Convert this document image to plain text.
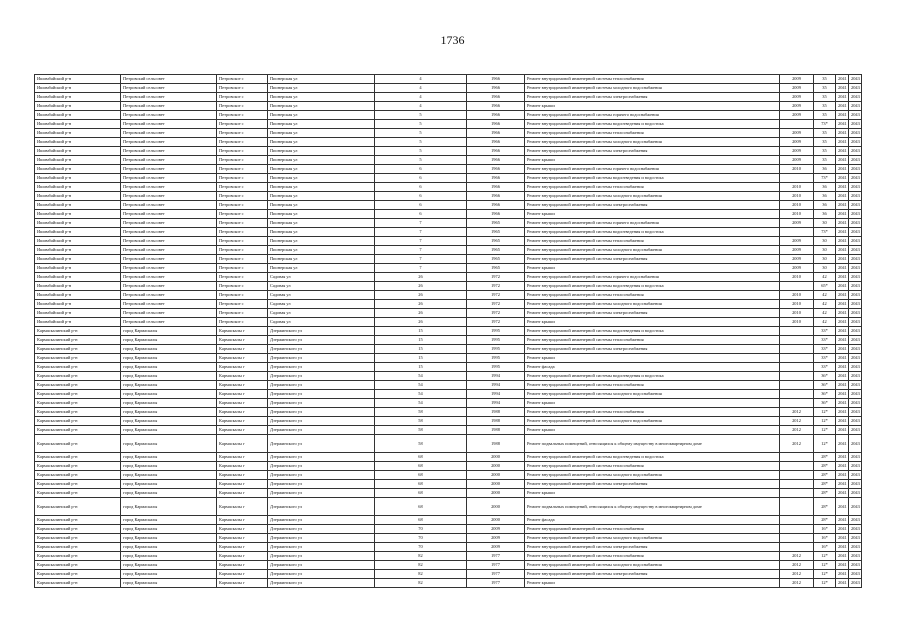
1736
Ишимбайский р-н	Петровский сельсовет	Петровское с	Пионерская ул	4	1966	Ремонт внутридомовой инженерной системы теплоснабжения	2009	35	2041	2043
Ишимбайский р-н	Петровский сельсовет	Петровское с	Пионерская ул	4	1966	Ремонт внутридомовой инженерной системы холодного водоснабжения	2009	35	2041	2043
Ишимбайский р-н	Петровский сельсовет	Петровское с	Пионерская ул	4	1966	Ремонт внутридомовой инженерной системы электроснабжения	2009	35	2041	2043
Ишимбайский р-н	Петровский сельсовет	Петровское с	Пионерская ул	4	1966	Ремонт крыши	2009	35	2041	2043
Ишимбайский р-н	Петровский сельсовет	Петровское с	Пионерская ул	5	1966	Ремонт внутридомовой инженерной системы горячего водоснабжения	2009	35	2041	2043
Ишимбайский р-н	Петровский сельсовет	Петровское с	Пионерская ул	5	1966	Ремонт внутридомовой инженерной системы водоотведения и водостока		73*	2041	2043
Ишимбайский р-н	Петровский сельсовет	Петровское с	Пионерская ул	5	1966	Ремонт внутридомовой инженерной системы теплоснабжения	2009	35	2041	2043
Ишимбайский р-н	Петровский сельсовет	Петровское с	Пионерская ул	5	1966	Ремонт внутридомовой инженерной системы холодного водоснабжения	2009	35	2041	2043
Ишимбайский р-н	Петровский сельсовет	Петровское с	Пионерская ул	5	1966	Ремонт внутридомовой инженерной системы электроснабжения	2009	35	2041	2043
Ишимбайский р-н	Петровский сельсовет	Петровское с	Пионерская ул	5	1966	Ремонт крыши	2009	35	2041	2043
Ишимбайский р-н	Петровский сельсовет	Петровское с	Пионерская ул	6	1966	Ремонт внутридомовой инженерной системы горячего водоснабжения	2010	36	2041	2043
Ишимбайский р-н	Петровский сельсовет	Петровское с	Пионерская ул	6	1966	Ремонт внутридомовой инженерной системы водоотведения и водостока		73*	2041	2043
Ишимбайский р-н	Петровский сельсовет	Петровское с	Пионерская ул	6	1966	Ремонт внутридомовой инженерной системы теплоснабжения	2010	36	2041	2043
Ишимбайский р-н	Петровский сельсовет	Петровское с	Пионерская ул	6	1966	Ремонт внутридомовой инженерной системы холодного водоснабжения	2010	36	2041	2043
Ишимбайский р-н	Петровский сельсовет	Петровское с	Пионерская ул	6	1966	Ремонт внутридомовой инженерной системы электроснабжения	2010	36	2041	2043
Ишимбайский р-н	Петровский сельсовет	Петровское с	Пионерская ул	6	1966	Ремонт крыши	2010	36	2041	2043
Ишимбайский р-н	Петровский сельсовет	Петровское с	Пионерская ул	7	1965	Ремонт внутридомовой инженерной системы горячего водоснабжения	2009	30	2041	2043
Ишимбайский р-н	Петровский сельсовет	Петровское с	Пионерская ул	7	1965	Ремонт внутридомовой инженерной системы водоотведения и водостока		73*	2041	2043
Ишимбайский р-н	Петровский сельсовет	Петровское с	Пионерская ул	7	1965	Ремонт внутридомовой инженерной системы теплоснабжения	2009	30	2041	2043
Ишимбайский р-н	Петровский сельсовет	Петровское с	Пионерская ул	7	1965	Ремонт внутридомовой инженерной системы холодного водоснабжения	2009	30	2041	2043
Ишимбайский р-н	Петровский сельсовет	Петровское с	Пионерская ул	7	1965	Ремонт внутридомовой инженерной системы электроснабжения	2009	30	2041	2043
Ишимбайский р-н	Петровский сельсовет	Петровское с	Пионерская ул	7	1965	Ремонт крыши	2009	30	2041	2043
Ишимбайский р-н	Петровский сельсовет	Петровское с	Садовая ул	26	1972	Ремонт внутридомовой инженерной системы горячего водоснабжения	2010	42	2041	2043
Ишимбайский р-н	Петровский сельсовет	Петровское с	Садовая ул	26	1972	Ремонт внутридомовой инженерной системы водоотведения и водостока		65*	2041	2043
Ишимбайский р-н	Петровский сельсовет	Петровское с	Садовая ул	26	1972	Ремонт внутридомовой инженерной системы теплоснабжения	2010	42	2041	2043
Ишимбайский р-н	Петровский сельсовет	Петровское с	Садовая ул	26	1972	Ремонт внутридомовой инженерной системы холодного водоснабжения	2010	42	2041	2043
Ишимбайский р-н	Петровский сельсовет	Петровское с	Садовая ул	26	1972	Ремонт внутридомовой инженерной системы электроснабжения	2010	42	2041	2043
Ишимбайский р-н	Петровский сельсовет	Петровское с	Садовая ул	26	1972	Ремонт крыши	2010	42	2041	2043
Кармаскалинский р-н	город Кармаскалы	Кармаскалы г	Дзержинского ул	15	1995	Ремонт внутридомовой инженерной системы водоотведения и водостока		33*	2041	2043
Кармаскалинский р-н	город Кармаскалы	Кармаскалы г	Дзержинского ул	15	1995	Ремонт внутридомовой инженерной системы теплоснабжения		33*	2041	2043
Кармаскалинский р-н	город Кармаскалы	Кармаскалы г	Дзержинского ул	15	1995	Ремонт внутридомовой инженерной системы электроснабжения		33*	2041	2043
Кармаскалинский р-н	город Кармаскалы	Кармаскалы г	Дзержинского ул	15	1995	Ремонт крыши		33*	2041	2043
Кармаскалинский р-н	город Кармаскалы	Кармаскалы г	Дзержинского ул	15	1995	Ремонт фасада		33*	2041	2043
Кармаскалинский р-н	город Кармаскалы	Кармаскалы г	Дзержинского ул	54	1994	Ремонт внутридомовой инженерной системы водоотведения и водостока		36*	2041	2043
Кармаскалинский р-н	город Кармаскалы	Кармаскалы г	Дзержинского ул	54	1994	Ремонт внутридомовой инженерной системы теплоснабжения		36*	2041	2043
Кармаскалинский р-н	город Кармаскалы	Кармаскалы г	Дзержинского ул	54	1994	Ремонт внутридомовой инженерной системы холодного водоснабжения		36*	2041	2043
Кармаскалинский р-н	город Кармаскалы	Кармаскалы г	Дзержинского ул	54	1994	Ремонт крыши		36*	2041	2043
Кармаскалинский р-н	город Кармаскалы	Кармаскалы г	Дзержинского ул	58	1988	Ремонт внутридомовой инженерной системы теплоснабжения	2012	12*	2041	2043
Кармаскалинский р-н	город Кармаскалы	Кармаскалы г	Дзержинского ул	58	1988	Ремонт внутридомовой инженерной системы холодного водоснабжения	2012	12*	2041	2043
Кармаскалинский р-н	город Кармаскалы	Кармаскалы г	Дзержинского ул	58	1988	Ремонт крыши	2012	12*	2041	2043
Кармаскалинский р-н	город Кармаскалы	Кармаскалы г	Дзержинского ул	58	1988	Ремонт подвальных помещений, относящихся к общему имуществу в многоквартирном доме	2012	12*	2041	2043
Кармаскалинский р-н	город Кармаскалы	Кармаскалы г	Дзержинского ул	68	2000	Ремонт внутридомовой инженерной системы водоотведения и водостока		28*	2041	2043
Кармаскалинский р-н	город Кармаскалы	Кармаскалы г	Дзержинского ул	68	2000	Ремонт внутридомовой инженерной системы теплоснабжения		28*	2041	2043
Кармаскалинский р-н	город Кармаскалы	Кармаскалы г	Дзержинского ул	68	2000	Ремонт внутридомовой инженерной системы холодного водоснабжения		28*	2041	2043
Кармаскалинский р-н	город Кармаскалы	Кармаскалы г	Дзержинского ул	68	2000	Ремонт внутридомовой инженерной системы электроснабжения		28*	2041	2043
Кармаскалинский р-н	город Кармаскалы	Кармаскалы г	Дзержинского ул	68	2000	Ремонт крыши		28*	2041	2043
Кармаскалинский р-н	город Кармаскалы	Кармаскалы г	Дзержинского ул	68	2000	Ремонт подвальных помещений, относящихся к общему имуществу в многоквартирном доме		28*	2041	2043
Кармаскалинский р-н	город Кармаскалы	Кармаскалы г	Дзержинского ул	68	2000	Ремонт фасада		28*	2041	2043
Кармаскалинский р-н	город Кармаскалы	Кармаскалы г	Дзержинского ул	70	2009	Ремонт внутридомовой инженерной системы теплоснабжения		16*	2041	2043
Кармаскалинский р-н	город Кармаскалы	Кармаскалы г	Дзержинского ул	70	2009	Ремонт внутридомовой инженерной системы холодного водоснабжения		16*	2041	2043
Кармаскалинский р-н	город Кармаскалы	Кармаскалы г	Дзержинского ул	70	2009	Ремонт внутридомовой инженерной системы электроснабжения		16*	2041	2043
Кармаскалинский р-н	город Кармаскалы	Кармаскалы г	Дзержинского ул	82	1977	Ремонт внутридомовой инженерной системы теплоснабжения	2012	12*	2041	2043
Кармаскалинский р-н	город Кармаскалы	Кармаскалы г	Дзержинского ул	82	1977	Ремонт внутридомовой инженерной системы холодного водоснабжения	2012	12*	2041	2043
Кармаскалинский р-н	город Кармаскалы	Кармаскалы г	Дзержинского ул	82	1977	Ремонт внутридомовой инженерной системы электроснабжения	2012	12*	2041	2043
Кармаскалинский р-н	город Кармаскалы	Кармаскалы г	Дзержинского ул	82	1977	Ремонт крыши	2012	12*	2041	2043
